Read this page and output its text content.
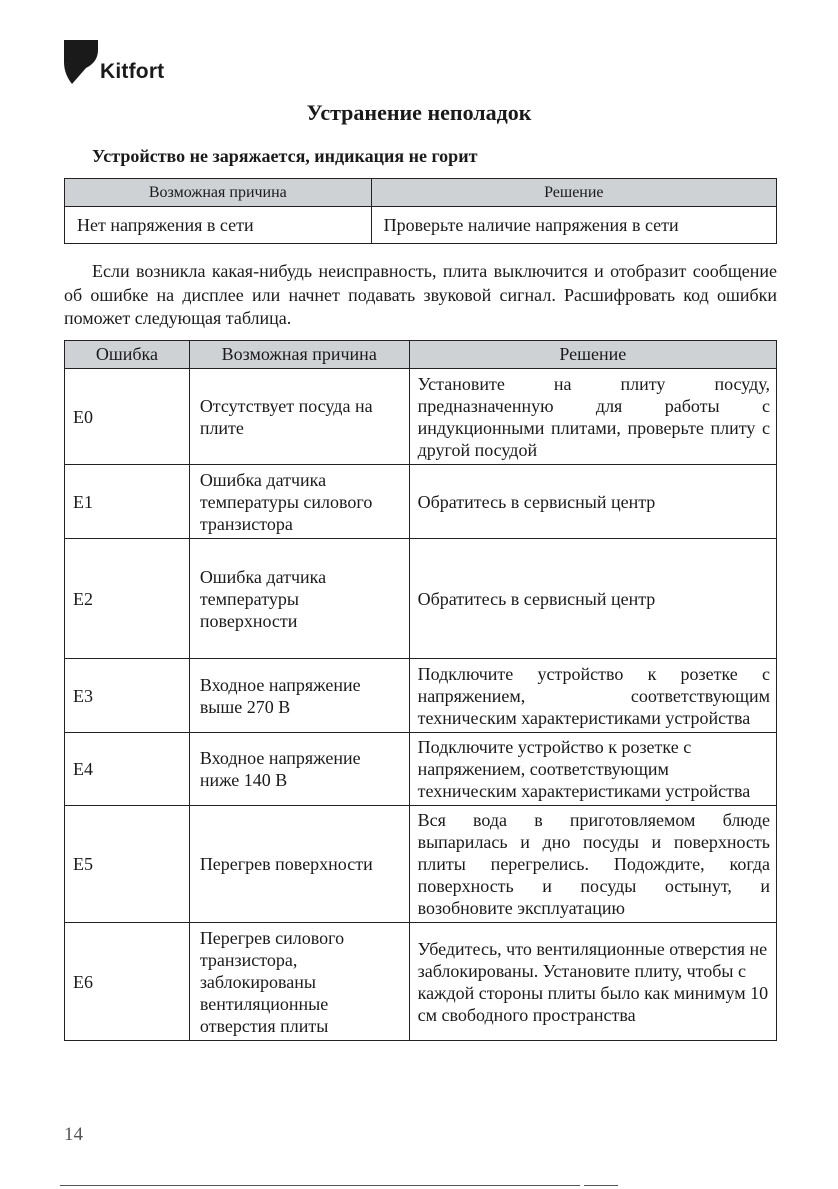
Kitfort
Устранение неполадок
Устройство не заряжается, индикация не горит
Возможная причина	Решение
Нет напряжения в сети	Проверьте наличие напряжения в сети
Если возникла какая-нибудь неисправность, плита выключится и отобразит сообщение об ошибке на дисплее или начнет подавать звуковой сигнал. Расшифровать код ошибки поможет следующая таблица.
Ошибка	Возможная причина	Решение
E0	Отсутствует посуда на плите	Установите на плиту посуду, предназначенную для работы с индукционными плитами, проверьте плиту с другой посудой
E1	Ошибка датчика температуры силового транзистора	Обратитесь в сервисный центр
E2	Ошибка датчика температуры поверхности	Обратитесь в сервисный центр
E3	Входное напряжение выше 270 В	Подключите устройство к розетке с напряжением, соответствующим техническим характеристиками устройства
E4	Входное напряжение ниже 140 В	Подключите устройство к розетке с напряжением, соответствующим техническим характеристиками устройства
E5	Перегрев поверхности	Вся вода в приготовляемом блюде выпарилась и дно посуды и поверхность плиты перегрелись. Подождите, когда поверхность и посуды остынут, и возобновите эксплуатацию
E6	Перегрев силового транзистора, заблокированы вентиляционные отверстия плиты	Убедитесь, что вентиляционные отверстия не заблокированы. Установите плиту, чтобы с каждой стороны плиты было как минимум 10 см свободного пространства
14
